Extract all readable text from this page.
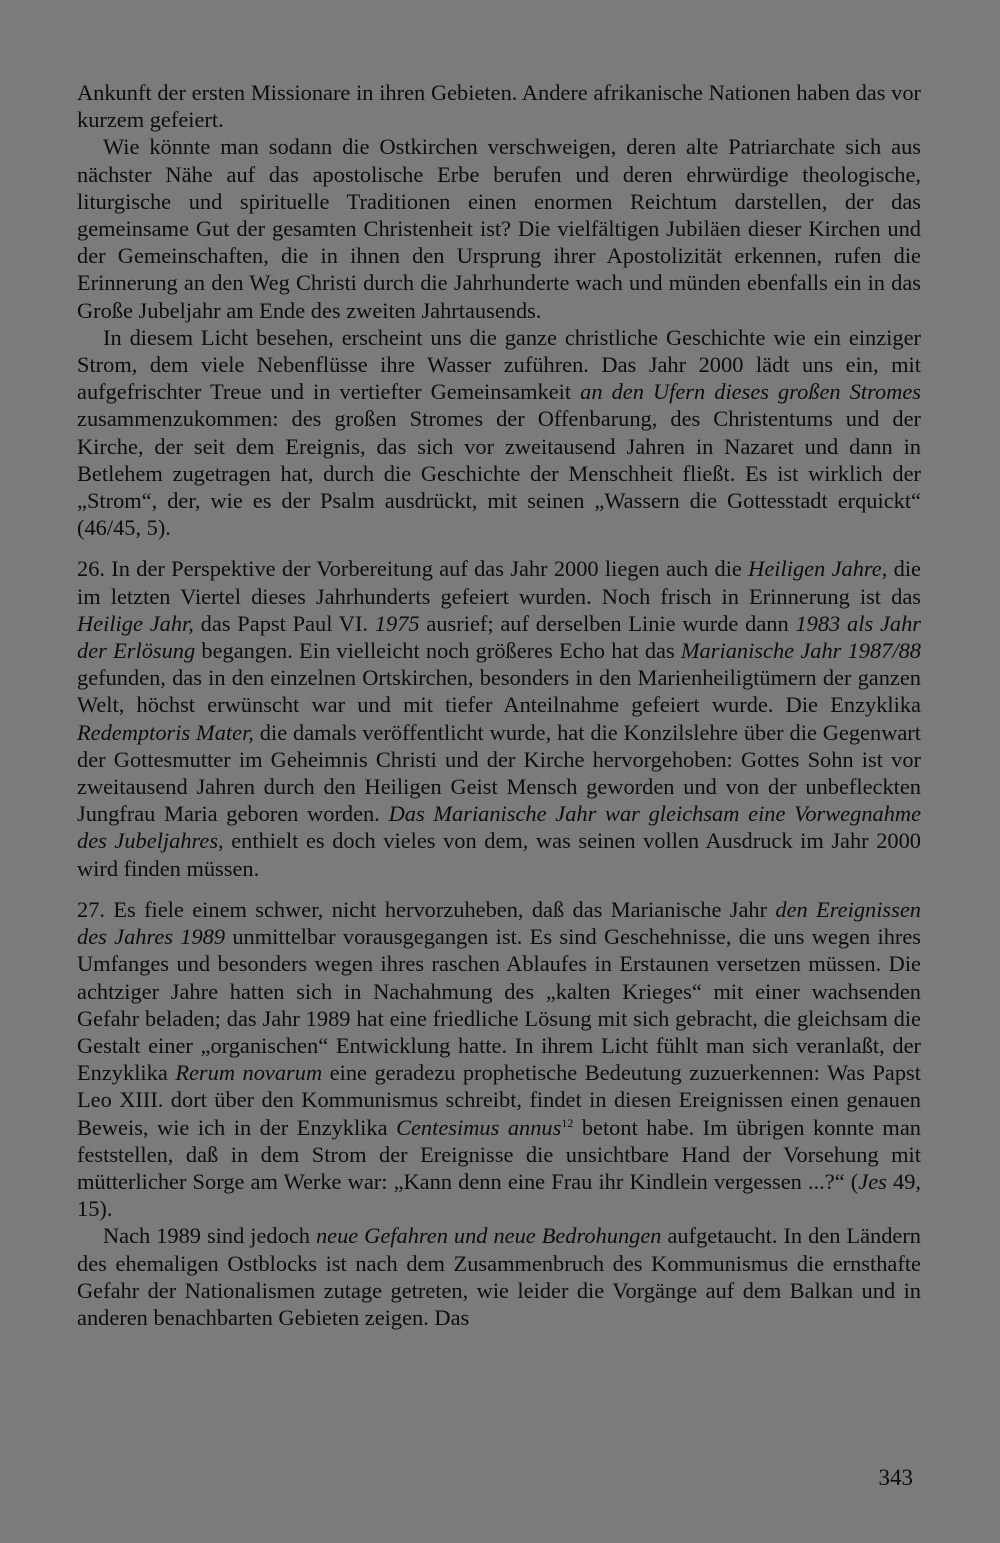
Ankunft der ersten Missionare in ihren Gebieten. Andere afrikanische Nationen haben das vor kurzem gefeiert.

Wie könnte man sodann die Ostkirchen verschweigen, deren alte Patriarchate sich aus nächster Nähe auf das apostolische Erbe berufen und deren ehrwürdige theologische, liturgische und spirituelle Traditionen einen enormen Reichtum darstellen, der das gemeinsame Gut der gesamten Christenheit ist? Die vielfältigen Jubiläen dieser Kirchen und der Gemeinschaften, die in ihnen den Ursprung ihrer Apostolizität erkennen, rufen die Erinnerung an den Weg Christi durch die Jahrhunderte wach und münden ebenfalls ein in das Große Jubeljahr am Ende des zweiten Jahrtausends.

In diesem Licht besehen, erscheint uns die ganze christliche Geschichte wie ein einziger Strom, dem viele Nebenflüsse ihre Wasser zuführen. Das Jahr 2000 lädt uns ein, mit aufgefrischter Treue und in vertiefter Gemeinsamkeit an den Ufern dieses großen Stromes zusammenzukommen: des großen Stromes der Offenbarung, des Christentums und der Kirche, der seit dem Ereignis, das sich vor zweitausend Jahren in Nazaret und dann in Betlehem zugetragen hat, durch die Geschichte der Menschheit fließt. Es ist wirklich der „Strom“, der, wie es der Psalm ausdrückt, mit seinen „Wassern die Gottesstadt erquickt“ (46/45, 5).

26. In der Perspektive der Vorbereitung auf das Jahr 2000 liegen auch die Heiligen Jahre, die im letzten Viertel dieses Jahrhunderts gefeiert wurden. Noch frisch in Erinnerung ist das Heilige Jahr, das Papst Paul VI. 1975 ausrief; auf derselben Linie wurde dann 1983 als Jahr der Erlösung begangen. Ein vielleicht noch größeres Echo hat das Marianische Jahr 1987/88 gefunden, das in den einzelnen Ortskirchen, besonders in den Marienheiligtümern der ganzen Welt, höchst erwünscht war und mit tiefer Anteilnahme gefeiert wurde. Die Enzyklika Redemptoris Mater, die damals veröffentlicht wurde, hat die Konzilslehre über die Gegenwart der Gottesmutter im Geheimnis Christi und der Kirche hervorgehoben: Gottes Sohn ist vor zweitausend Jahren durch den Heiligen Geist Mensch geworden und von der unbefleckten Jungfrau Maria geboren worden. Das Marianische Jahr war gleichsam eine Vorwegnahme des Jubeljahres, enthielt es doch vieles von dem, was seinen vollen Ausdruck im Jahr 2000 wird finden müssen.

27. Es fiele einem schwer, nicht hervorzuheben, daß das Marianische Jahr den Ereignissen des Jahres 1989 unmittelbar vorausgegangen ist. Es sind Geschehnisse, die uns wegen ihres Umfanges und besonders wegen ihres raschen Ablaufes in Erstaunen versetzen müssen. Die achtziger Jahre hatten sich in Nachahmung des „kalten Krieges“ mit einer wachsenden Gefahr beladen; das Jahr 1989 hat eine friedliche Lösung mit sich gebracht, die gleichsam die Gestalt einer „organischen“ Entwicklung hatte. In ihrem Licht fühlt man sich veranlaßt, der Enzyklika Rerum novarum eine geradezu prophetische Bedeutung zuzuerkennen: Was Papst Leo XIII. dort über den Kommunismus schreibt, findet in diesen Ereignissen einen genauen Beweis, wie ich in der Enzyklika Centesimus annus$^{12}$ betont habe. Im übrigen konnte man feststellen, daß in dem Strom der Ereignisse die unsichtbare Hand der Vorsehung mit mütterlicher Sorge am Werke war: „Kann denn eine Frau ihr Kindlein vergessen ...?“ (Jes 49, 15).

Nach 1989 sind jedoch neue Gefahren und neue Bedrohungen aufgetaucht. In den Ländern des ehemaligen Ostblocks ist nach dem Zusammenbruch des Kommunismus die ernsthafte Gefahr der Nationalismen zutage getreten, wie leider die Vorgänge auf dem Balkan und in anderen benachbarten Gebieten zeigen. Das

343
